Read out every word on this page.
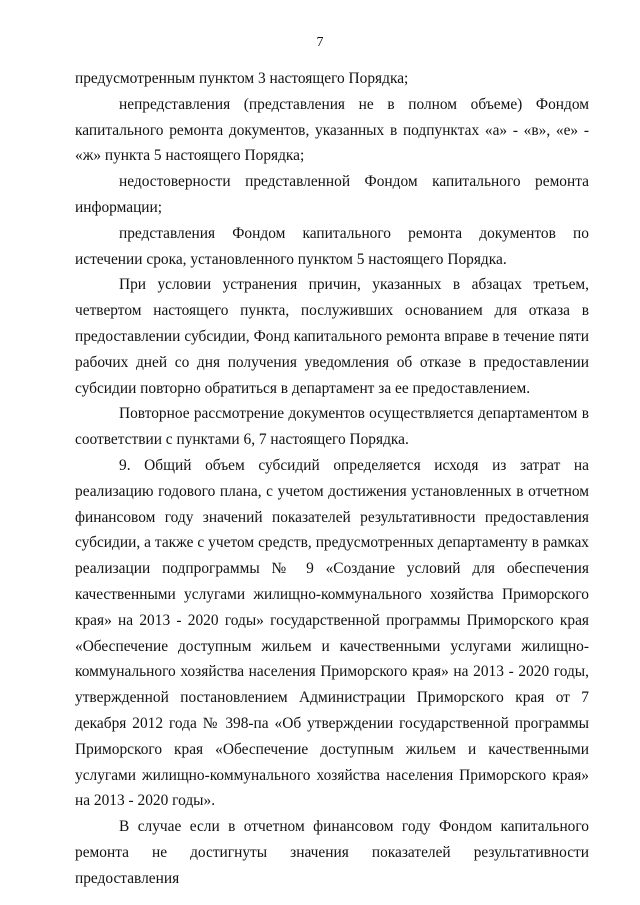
7

предусмотренным пунктом 3 настоящего Порядка;

непредставления (представления не в полном объеме) Фондом капитального ремонта документов, указанных в подпунктах «а» - «в», «е» - «ж» пункта 5 настоящего Порядка;

недостоверности представленной Фондом капитального ремонта информации;

представления Фондом капитального ремонта документов по истечении срока, установленного пунктом 5 настоящего Порядка.

При условии устранения причин, указанных в абзацах третьем, четвертом настоящего пункта, послуживших основанием для отказа в предоставлении субсидии, Фонд капитального ремонта вправе в течение пяти рабочих дней со дня получения уведомления об отказе в предоставлении субсидии повторно обратиться в департамент за ее предоставлением.

Повторное рассмотрение документов осуществляется департаментом в соответствии с пунктами 6, 7 настоящего Порядка.

9. Общий объем субсидий определяется исходя из затрат на реализацию годового плана, с учетом достижения установленных в отчетном финансовом году значений показателей результативности предоставления субсидии, а также с учетом средств, предусмотренных департаменту в рамках реализации подпрограммы № 9 «Создание условий для обеспечения качественными услугами жилищно-коммунального хозяйства Приморского края» на 2013 - 2020 годы» государственной программы Приморского края «Обеспечение доступным жильем и качественными услугами жилищно-коммунального хозяйства населения Приморского края» на 2013 - 2020 годы, утвержденной постановлением Администрации Приморского края от 7 декабря 2012 года № 398-па «Об утверждении государственной программы Приморского края «Обеспечение доступным жильем и качественными услугами жилищно-коммунального хозяйства населения Приморского края» на 2013 - 2020 годы».

В случае если в отчетном финансовом году Фондом капитального ремонта не достигнуты значения показателей результативности предоставления
